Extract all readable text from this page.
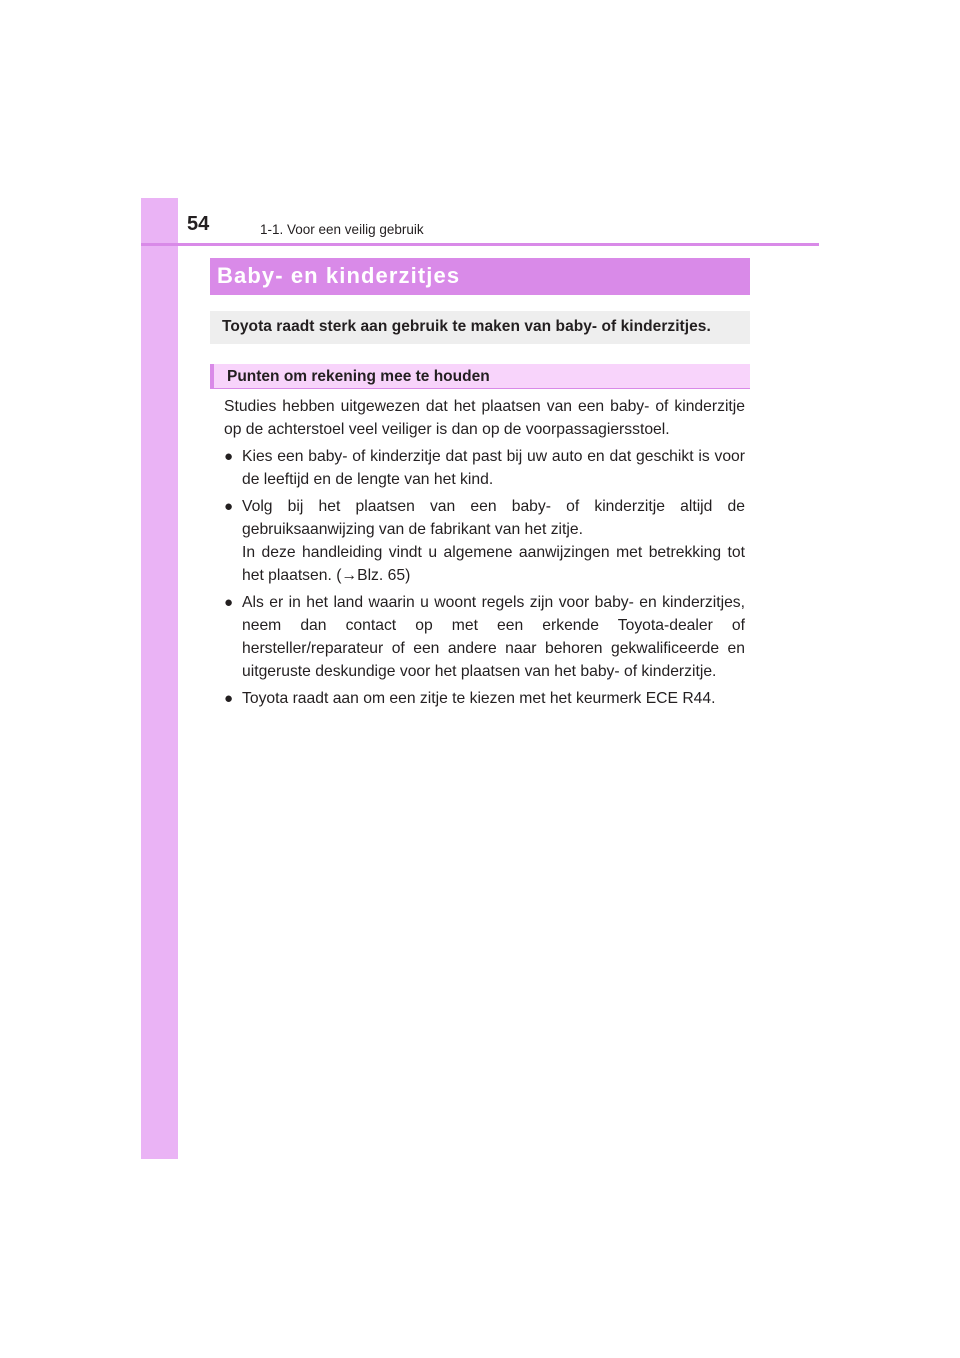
54	1-1. Voor een veilig gebruik
Baby- en kinderzitjes
Toyota raadt sterk aan gebruik te maken van baby- of kinderzitjes.
Punten om rekening mee te houden

Studies hebben uitgewezen dat het plaatsen van een baby- of kinderzitje op de achterstoel veel veiliger is dan op de voorpassagiersstoel.

● Kies een baby- of kinderzitje dat past bij uw auto en dat geschikt is voor de leeftijd en de lengte van het kind.

● Volg bij het plaatsen van een baby- of kinderzitje altijd de gebruiksaanwijzing van de fabrikant van het zitje.

In deze handleiding vindt u algemene aanwijzingen met betrekking tot het plaatsen. (→Blz. 65)

● Als er in het land waarin u woont regels zijn voor baby- en kinderzitjes, neem dan contact op met een erkende Toyota-dealer of hersteller/reparateur of een andere naar behoren gekwalificeerde en uitgeruste deskundige voor het plaatsen van het baby- of kinderzitje.

● Toyota raadt aan om een zitje te kiezen met het keurmerk ECE R44.
